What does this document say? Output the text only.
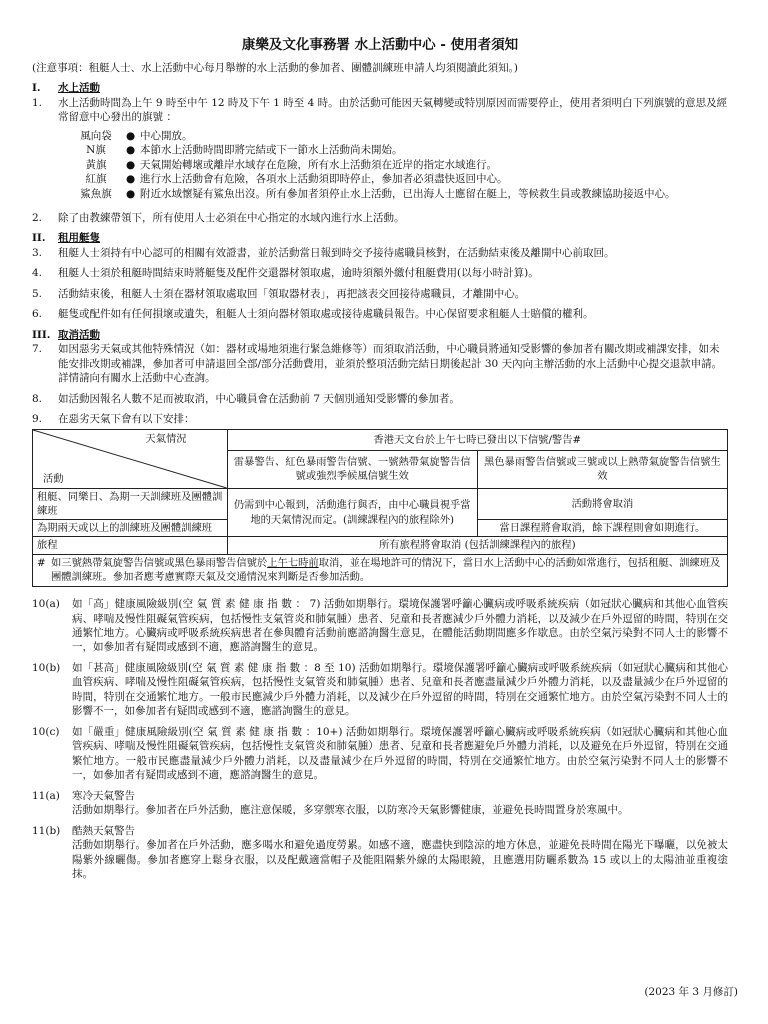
康樂及文化事務署 水上活動中心 - 使用者須知
(注意事項：租艇人士、水上活動中心每月舉辦的水上活動的參加者、團體訓練班申請人均須閱讀此須知。)
I.	水上活動
1.	水上活動時間為上午 9 時至中午 12 時及下午 1 時至 4 時。由於活動可能因天氣轉變或特別原因而需要停止，使用者須明白下列旗號的意思及經常留意中心發出的旗號 ：
風向袋	● 中心開放。
N旗	● 本節水上活動時間即將完結或下一節水上活動尚未開始。
黃旗	● 天氣開始轉壞或離岸水域存在危險，所有水上活動須在近岸的指定水域進行。
紅旗	● 進行水上活動會有危險，各項水上活動須即時停止，參加者必須盡快返回中心。
鯊魚旗	● 附近水域懷疑有鯊魚出沒。所有參加者須停止水上活動，已出海人士應留在艇上，等候救生員或教練協助接返中心。
2.	除了由教練帶領下，所有使用人士必須在中心指定的水域內進行水上活動。
II.	租用艇隻
3.	租艇人士須持有中心認可的相關有效證書，並於活動當日報到時交予接待處職員核對，在活動結束後及離開中心前取回。
4.	租艇人士須於租艇時間結束時將艇隻及配件交還器材領取處，逾時須額外繳付租艇費用(以每小時計算)。
5.	活動結束後，租艇人士須在器材領取處取回「領取器材表」，再把該表交回接待處職員，才離開中心。
6.	艇隻或配件如有任何損壞或遺失，租艇人士須向器材領取處或接待處職員報告。中心保留要求租艇人士賠償的權利。
III. 取消活動
7.	如因惡劣天氣或其他特殊情況（如：器材或場地須進行緊急維修等）而須取消活動，中心職員將通知受影響的參加者有關改期或補課安排，如未能安排改期或補課，參加者可申請退回全部/部分活動費用，並須於整項活動完結日期後起計 30 天內向主辦活動的水上活動中心提交退款申請。詳情請向有關水上活動中心查詢。
8.	如活動因報名人數不足而被取消，中心職員會在活動前 7 天個別通知受影響的參加者。
9.	在惡劣天氣下會有以下安排：
天氣情況
活動	香港天文台於上午七時已發出以下信號/警告#	
	雷暴警告、紅色暴雨警告信號、一號熱帶氣旋警告信號或強烈季候風信號生效	黑色暴雨警告信號或三號或以上熱帶氣旋警告信號生效
租艇、同樂日、為期一天訓練班及團體訓練班	仍需到中心報到，活動進行與否，由中心職員視乎當地的天氣情況而定。(訓練課程內的旅程除外)	活動將會取消
為期兩天或以上的訓練班及團體訓練班		當日課程將會取消，餘下課程則會如期進行。
旅程	所有旅程將會取消 (包括訓練課程內的旅程)	
# 如三號熱帶氣旋警告信號或黑色暴雨警告信號於上午七時前取消，並在場地許可的情況下，當日水上活動中心的活動如常進行，包括租艇、訓練班及團體訓練班。參加者應考慮實際天氣及交通情況來判斷是否參加活動。
10(a)	如「高」健康風險級別(空 氣 質 素 健 康 指 數 ： 7) 活動如期舉行。環境保護署呼籲心臟病或呼吸系統疾病（如冠狀心臟病和其他心血管疾病、哮喘及慢性阻礙氣管疾病，包括慢性支氣管炎和肺氣腫）患者、兒童和長者應減少戶外體力消耗，以及減少在戶外逗留的時間，特別在交通繁忙地方。心臟病或呼吸系統疾病患者在參與體育活動前應諮詢醫生意見，在體能活動期間應多作歇息。由於空氣污染對不同人士的影響不一，如參加者有疑問或感到不適，應諮詢醫生的意見。
10(b)	如「甚高」健康風險級別(空 氣 質 素 健 康 指 數 ：8 至 10) 活動如期舉行。環境保護署呼籲心臟病或呼吸系統疾病（如冠狀心臟病和其他心血管疾病、哮喘及慢性阻礙氣管疾病，包括慢性支氣管炎和肺氣腫）患者、兒童和長者應盡量減少戶外體力消耗，以及盡量減少在戶外逗留的時間，特別在交通繁忙地方。一般市民應減少戶外體力消耗，以及減少在戶外逗留的時間，特別在交通繁忙地方。由於空氣污染對不同人士的影響不一，如參加者有疑問或感到不適，應諮詢醫生的意見。
10(c)	如「嚴重」健康風險級別(空 氣 質 素 健 康 指 數 ：10+) 活動如期舉行。環境保護署呼籲心臟病或呼吸系統疾病（如冠狀心臟病和其他心血管疾病、哮喘及慢性阻礙氣管疾病，包括慢性支氣管炎和肺氣腫）患者、兒童和長者應避免戶外體力消耗，以及避免在戶外逗留，特別在交通繁忙地方。一般市民應盡量減少戶外體力消耗，以及盡量減少在戶外逗留的時間，特別在交通繁忙地方。由於空氣污染對不同人士的影響不一，如參加者有疑問或感到不適，應諮詢醫生的意見。
11(a)	寒冷天氣警告
活動如期舉行。參加者在戶外活動，應注意保暖，多穿禦寒衣服，以防寒冷天氣影響健康，並避免長時間置身於寒風中。
11(b)	酷熱天氣警告
活動如期舉行。參加者在戶外活動，應多喝水和避免過度勞累。如感不適，應盡快到陰涼的地方休息，並避免長時間在陽光下曝曬，以免被太陽紫外線曬傷。參加者應穿上鬆身衣服，以及配戴適當帽子及能阻隔紫外線的太陽眼鏡，且應選用防曬系數為 15 或以上的太陽油並重複塗抹。
(2023 年 3 月修訂)
